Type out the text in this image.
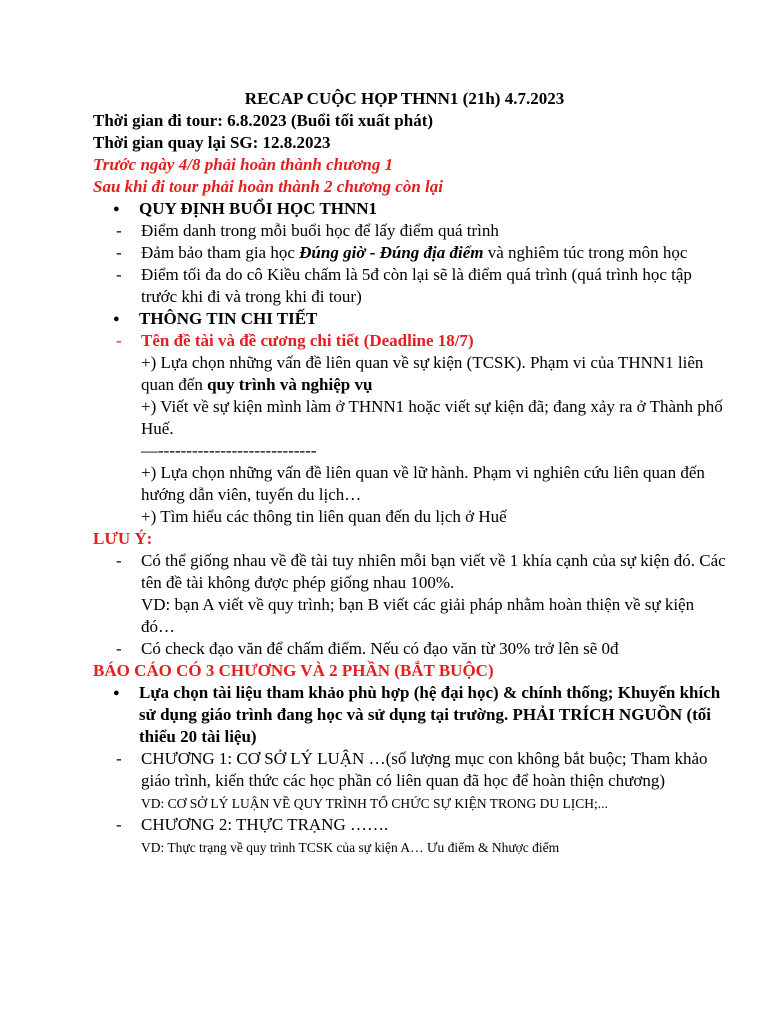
RECAP CUỘC HỌP THNN1 (21h) 4.7.2023

Thời gian đi tour: 6.8.2023 (Buổi tối xuất phát)

Thời gian quay lại SG: 12.8.2023

Trước ngày 4/8 phải hoàn thành chương 1

Sau khi đi tour phải hoàn thành 2 chương còn lại

●	QUY ĐỊNH BUỔI HỌC THNN1
-	Điểm danh trong mỗi buổi học để lấy điểm quá trình
-	Đảm bảo tham gia học Đúng giờ - Đúng địa điểm và nghiêm túc trong môn học
-	Điểm tối đa do cô Kiều chấm là 5đ còn lại sẽ là điểm quá trình (quá trình học tập trước khi đi và trong khi đi tour)
●	THÔNG TIN CHI TIẾT
-	Tên đề tài và đề cương chi tiết (Deadline 18/7)

+) Lựa chọn những vấn đề liên quan về sự kiện (TCSK). Phạm vi của THNN1 liên quan đến quy trình và nghiệp vụ

+) Viết về sự kiện mình làm ở THNN1 hoặc viết sự kiện đã; đang xảy ra ở Thành phố Huế.

—----------------------------

+) Lựa chọn những vấn đề liên quan về lữ hành. Phạm vi nghiên cứu liên quan đến hướng dẫn viên, tuyến du lịch…

+) Tìm hiểu các thông tin liên quan đến du lịch ở Huế

LƯU Ý:

-	Có thể giống nhau về đề tài tuy nhiên mỗi bạn viết về 1 khía cạnh của sự kiện đó. Các tên đề tài không được phép giống nhau 100%.
VD: bạn A viết về quy trình; bạn B viết các giải pháp nhằm hoàn thiện về sự kiện đó…
-	Có check đạo văn để chấm điểm. Nếu có đạo văn từ 30% trở lên sẽ 0đ

BÁO CÁO CÓ 3 CHƯƠNG VÀ 2 PHẦN (BẮT BUỘC)

●	Lựa chọn tài liệu tham khảo phù hợp (hệ đại học) & chính thống; Khuyến khích sử dụng giáo trình đang học và sử dụng tại trường. PHẢI TRÍCH NGUỒN (tối thiểu 20 tài liệu)
-	CHƯƠNG 1: CƠ SỞ LÝ LUẬN …(số lượng mục con không bắt buộc; Tham khảo giáo trình, kiến thức các học phần có liên quan đã học để hoàn thiện chương)
VD: CƠ SỞ LÝ LUẬN VỀ QUY TRÌNH TỔ CHỨC SỰ KIỆN TRONG DU LỊCH;...
-	CHƯƠNG 2: THỰC TRẠNG …….
VD: Thực trạng về quy trình TCSK của sự kiện A… Ưu điểm & Nhược điểm
